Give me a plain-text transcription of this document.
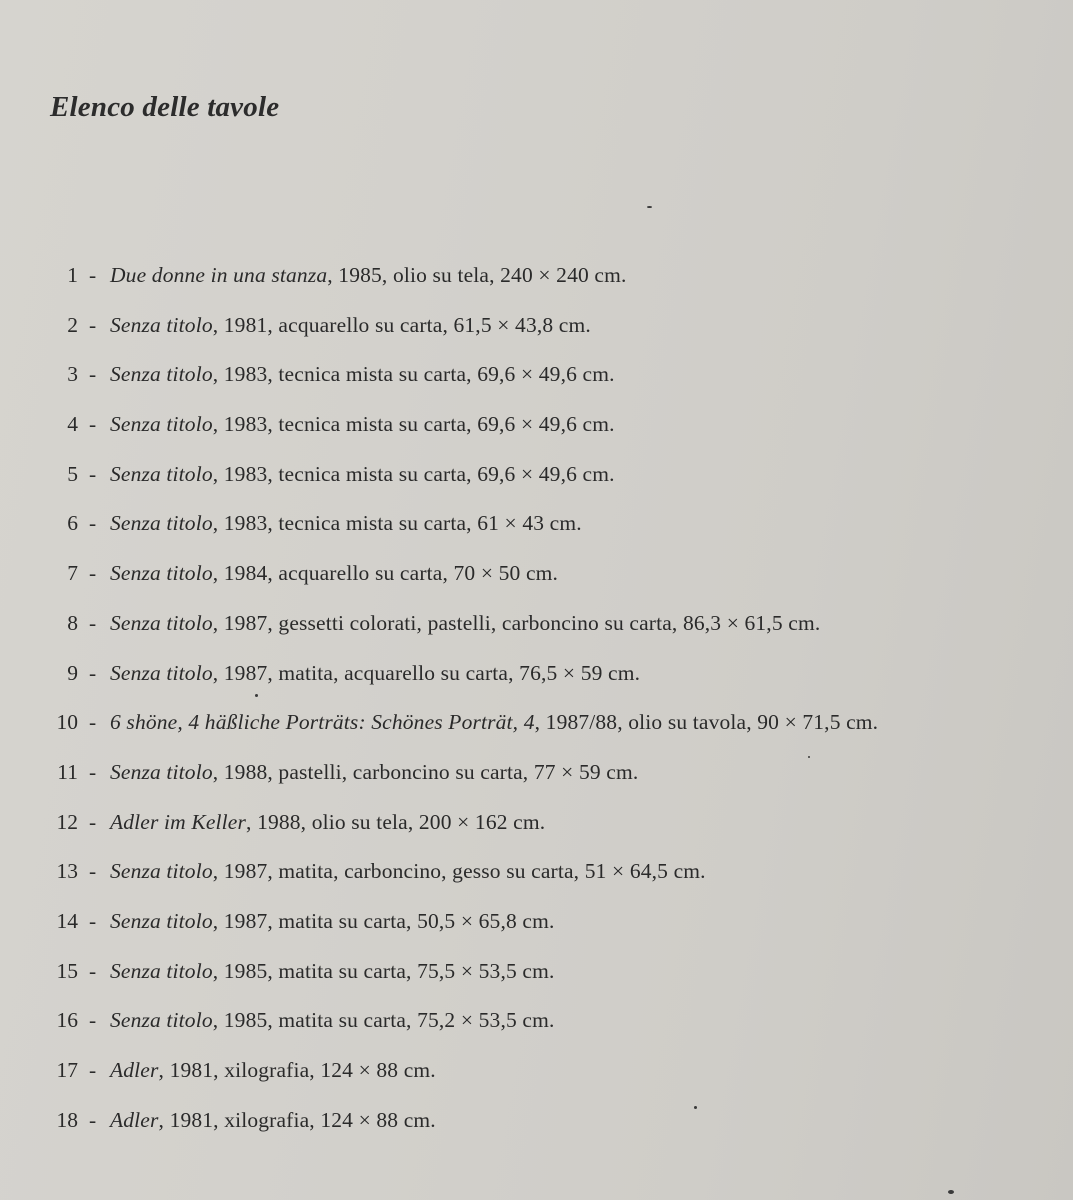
Elenco delle tavole
1 - Due donne in una stanza, 1985, olio su tela, 240 × 240 cm.
2 - Senza titolo, 1981, acquarello su carta, 61,5 × 43,8 cm.
3 - Senza titolo, 1983, tecnica mista su carta, 69,6 × 49,6 cm.
4 - Senza titolo, 1983, tecnica mista su carta, 69,6 × 49,6 cm.
5 - Senza titolo, 1983, tecnica mista su carta, 69,6 × 49,6 cm.
6 - Senza titolo, 1983, tecnica mista su carta, 61 × 43 cm.
7 - Senza titolo, 1984, acquarello su carta, 70 × 50 cm.
8 - Senza titolo, 1987, gessetti colorati, pastelli, carboncino su carta, 86,3 × 61,5 cm.
9 - Senza titolo, 1987, matita, acquarello su carta, 76,5 × 59 cm.
10 - 6 shöne, 4 häßliche Porträts: Schönes Porträt, 4, 1987/88, olio su tavola, 90 × 71,5 cm.
11 - Senza titolo, 1988, pastelli, carboncino su carta, 77 × 59 cm.
12 - Adler im Keller, 1988, olio su tela, 200 × 162 cm.
13 - Senza titolo, 1987, matita, carboncino, gesso su carta, 51 × 64,5 cm.
14 - Senza titolo, 1987, matita su carta, 50,5 × 65,8 cm.
15 - Senza titolo, 1985, matita su carta, 75,5 × 53,5 cm.
16 - Senza titolo, 1985, matita su carta, 75,2 × 53,5 cm.
17 - Adler, 1981, xilografia, 124 × 88 cm.
18 - Adler, 1981, xilografia, 124 × 88 cm.
